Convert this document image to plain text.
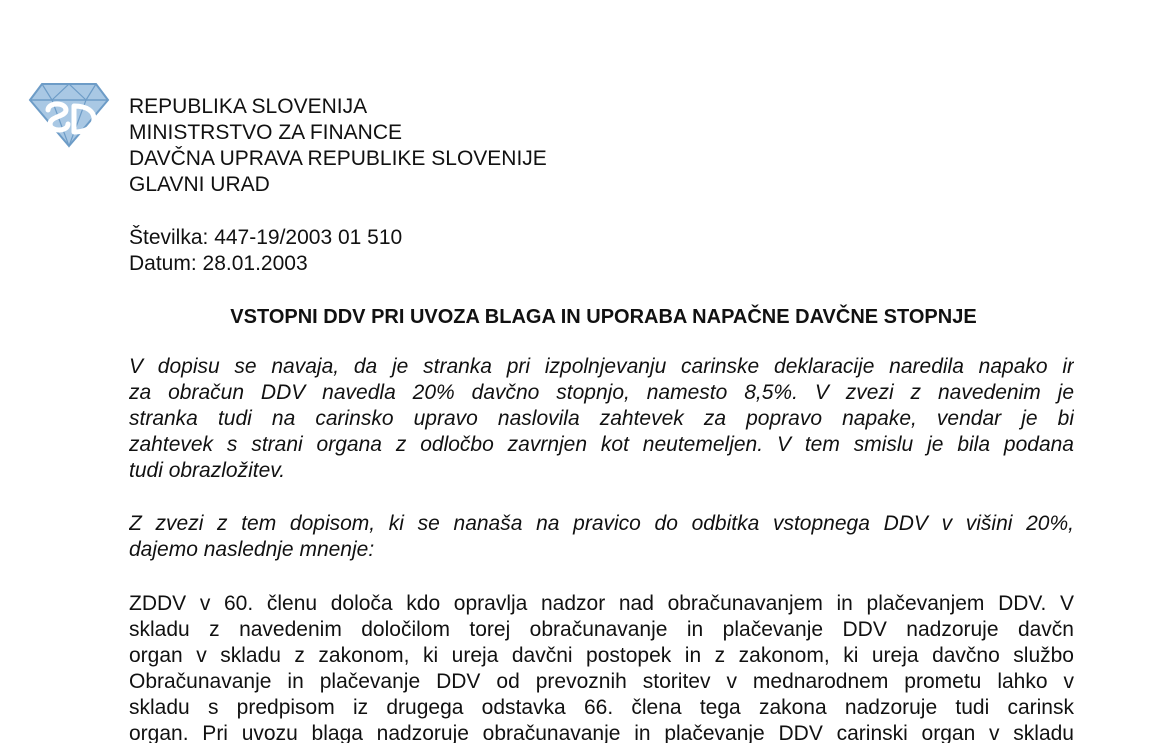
REPUBLIKA SLOVENIJA
MINISTRSTVO ZA FINANCE
DAVČNA UPRAVA REPUBLIKE SLOVENIJE
GLAVNI URAD
Številka: 447-19/2003 01 510
Datum: 28.01.2003
VSTOPNI DDV PRI UVOZA BLAGA IN UPORABA NAPAČNE DAVČNE STOPNJE
V dopisu se navaja, da je stranka pri izpolnjevanju carinske deklaracije naredila napako ir
za obračun DDV navedla 20% davčno stopnjo, namesto 8,5%. V zvezi z navedenim je
stranka tudi na carinsko upravo naslovila zahtevek za popravo napake, vendar je bi
zahtevek s strani organa z odločbo zavrnjen kot neutemeljen. V tem smislu je bila podana
tudi obrazložitev.
Z zvezi z tem dopisom, ki se nanaša na pravico do odbitka vstopnega DDV v višini 20%,
dajemo naslednje mnenje:
ZDDV v 60. členu določa kdo opravlja nadzor nad obračunavanjem in plačevanjem DDV. V
skladu z navedenim določilom torej obračunavanje in plačevanje DDV nadzoruje davčn
organ v skladu z zakonom, ki ureja davčni postopek in z zakonom, ki ureja davčno službo
Obračunavanje in plačevanje DDV od prevoznih storitev v mednarodnem prometu lahko v
skladu s predpisom iz drugega odstavka 66. člena tega zakona nadzoruje tudi carinsk
organ. Pri uvozu blaga nadzoruje obračunavanje in plačevanje DDV carinski organ v skladu
